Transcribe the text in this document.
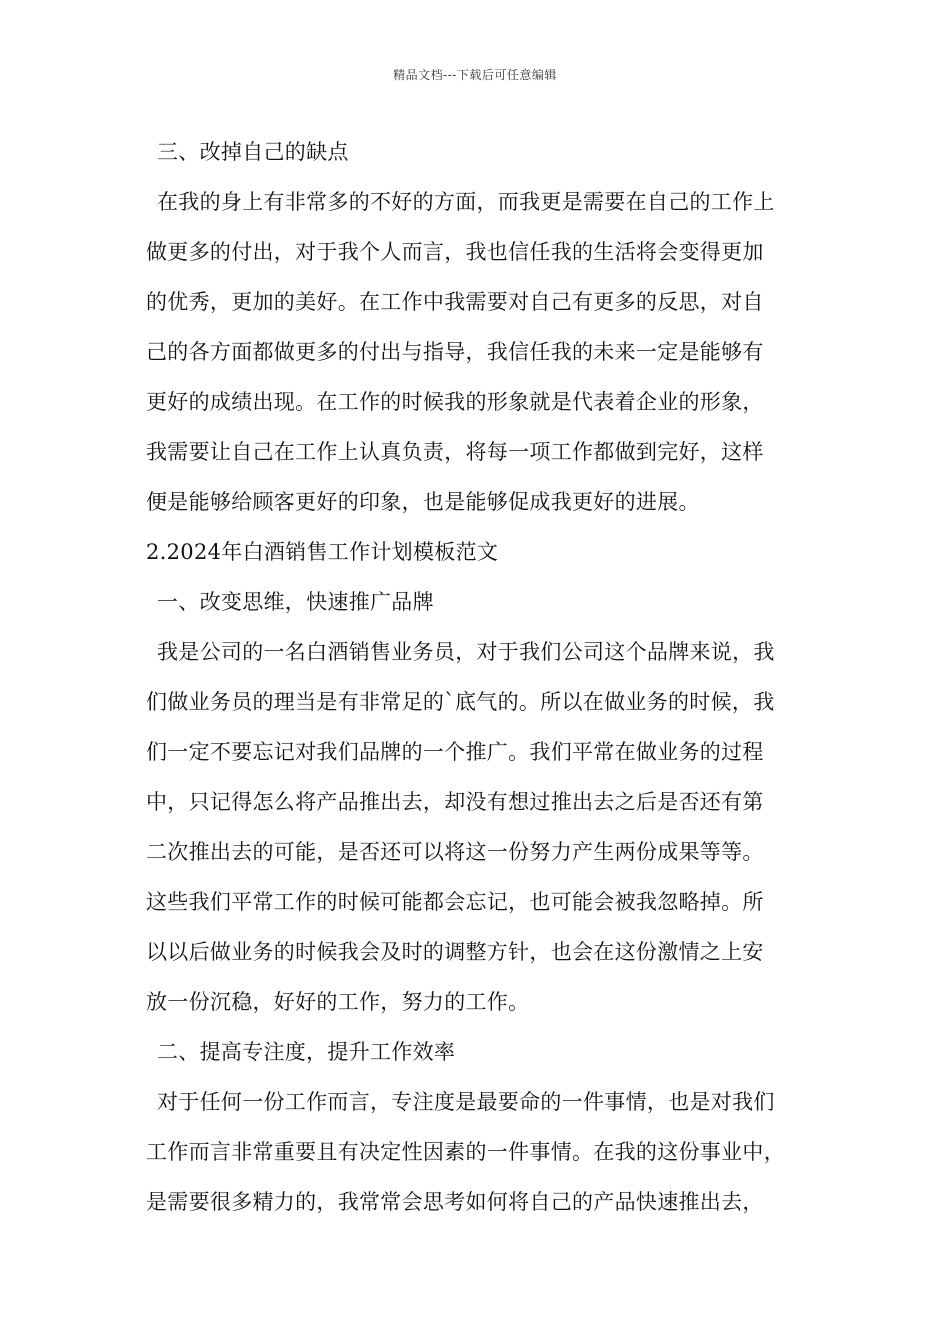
精品文档---下载后可任意编辑
三、改掉自己的缺点
在我的身上有非常多的不好的方面，而我更是需要在自己的工作上
做更多的付出，对于我个人而言，我也信任我的生活将会变得更加
的优秀，更加的美好。在工作中我需要对自己有更多的反思，对自
己的各方面都做更多的付出与指导，我信任我的未来一定是能够有
更好的成绩出现。在工作的时候我的形象就是代表着企业的形象，
我需要让自己在工作上认真负责，将每一项工作都做到完好，这样
便是能够给顾客更好的印象，也是能够促成我更好的进展。
2.2024年白酒销售工作计划模板范文
一、改变思维，快速推广品牌
我是公司的一名白酒销售业务员，对于我们公司这个品牌来说，我
们做业务员的理当是有非常足的`底气的。所以在做业务的时候，我
们一定不要忘记对我们品牌的一个推广。我们平常在做业务的过程
中，只记得怎么将产品推出去，却没有想过推出去之后是否还有第
二次推出去的可能，是否还可以将这一份努力产生两份成果等等。
这些我们平常工作的时候可能都会忘记，也可能会被我忽略掉。所
以以后做业务的时候我会及时的调整方针，也会在这份激情之上安
放一份沉稳，好好的工作，努力的工作。
二、提高专注度，提升工作效率
对于任何一份工作而言，专注度是最要命的一件事情，也是对我们
工作而言非常重要且有决定性因素的一件事情。在我的这份事业中，
是需要很多精力的，我常常会思考如何将自己的产品快速推出去，
